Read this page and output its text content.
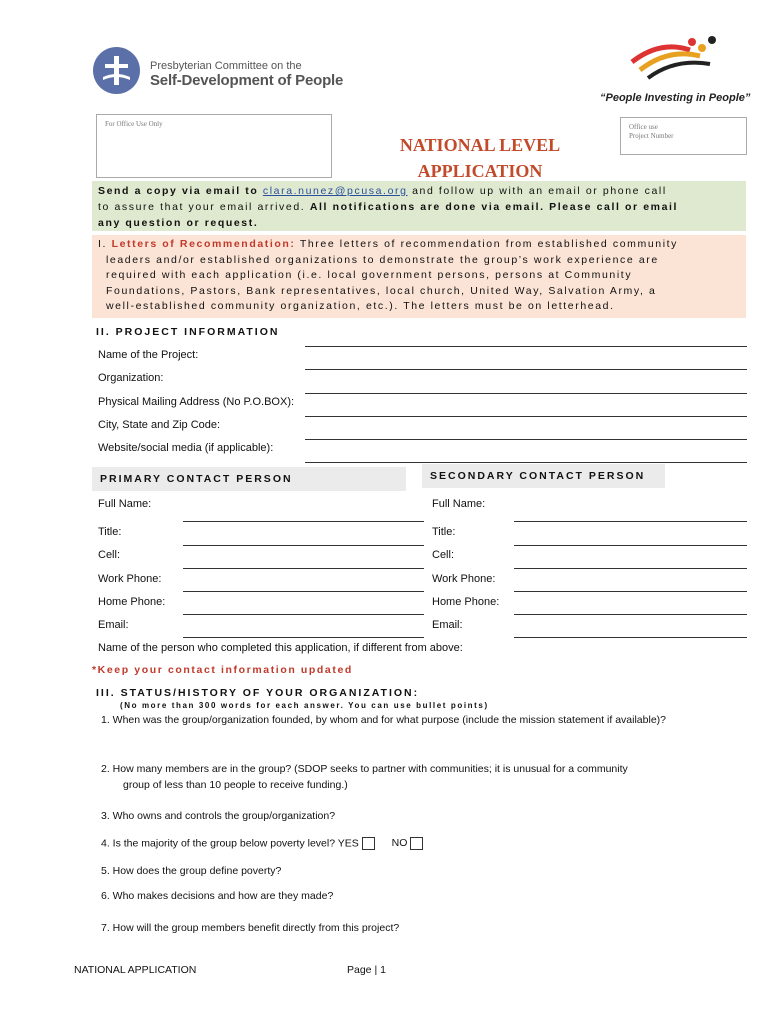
Presbyterian Committee on the
Self-Development of People
“People Investing in People”
For Office Use Only	Office use
Project Number
NATIONAL LEVEL
APPLICATION
Send a copy via email to clara.nunez@pcusa.org and follow up with an email or phone call
to assure that your email arrived. All notifications are done via email. Please call or email
any question or request.
I. Letters of Recommendation: Three letters of recommendation from established community
leaders and/or established organizations to demonstrate the group’s work experience are
required with each application (i.e. local government persons, persons at Community
Foundations, Pastors, Bank representatives, local church, United Way, Salvation Army, a
well-established community organization, etc.). The letters must be on letterhead.
II. PROJECT INFORMATION
Name of the Project:
Organization:
Physical Mailing Address (No P.O.BOX):
City, State and Zip Code:
Website/social media (if applicable):
PRIMARY CONTACT PERSON	SECONDARY CONTACT PERSON
Full Name:
Title:
Cell:
Work Phone:
Home Phone:
Email:
Full Name:
Title:
Cell:
Work Phone:
Home Phone:
Email:
Name of the person who completed this application, if different from above:
*Keep your contact information updated
III. STATUS/HISTORY OF YOUR ORGANIZATION:
(No more than 300 words for each answer. You can use bullet points)
1. When was the group/organization founded, by whom and for what purpose (include the mission statement if available)?
2. How many members are in the group? (SDOP seeks to partner with communities; it is unusual for a community
group of less than 10 people to receive funding.)
3. Who owns and controls the group/organization?
4. Is the majority of the group below poverty level? YES	NO
5. How does the group define poverty?
6. Who makes decisions and how are they made?
7. How will the group members benefit directly from this project?
NATIONAL APPLICATION	Page | 1
